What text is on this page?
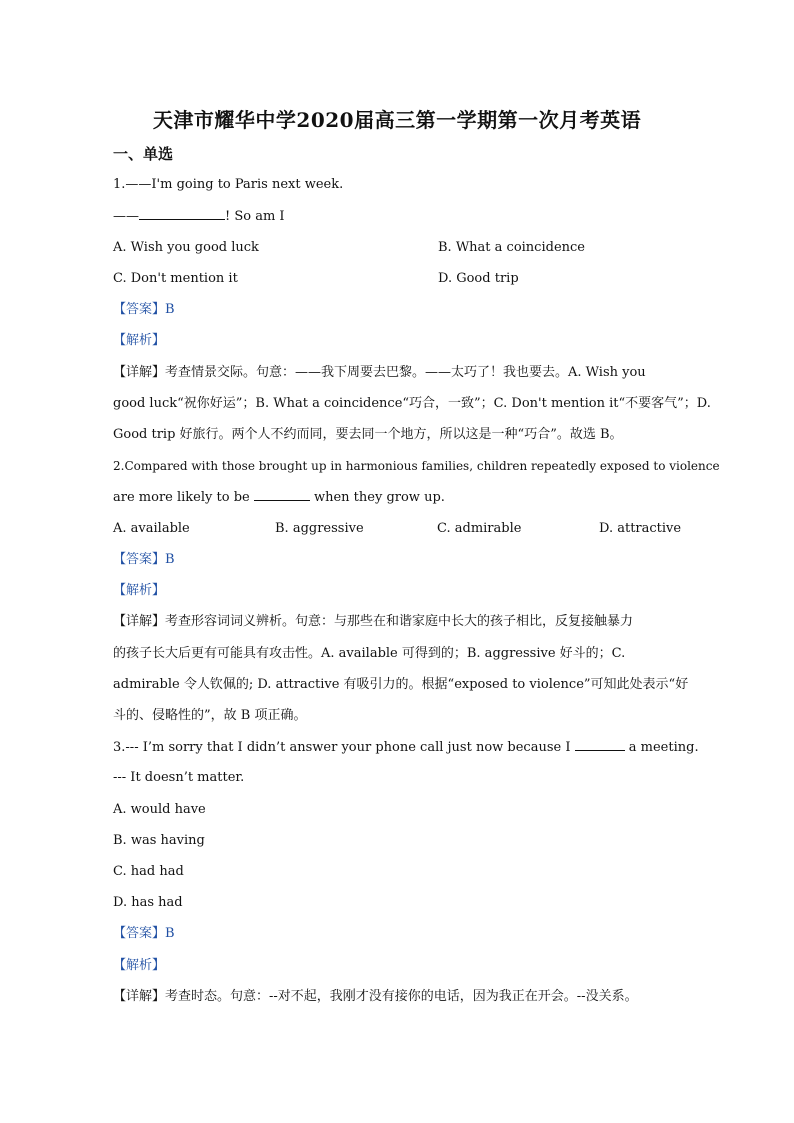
天津市耀华中学2020届高三第一学期第一次月考英语
一、单选
1.——I'm going to Paris next week.
——	! So am I
A. Wish you good luck	B. What a coincidence
C. Don't mention it	D. Good trip
【答案】B
【解析】
【详解】考查情景交际。句意：——我下周要去巴黎。——太巧了！我也要去。A. Wish you
good luck“祝你好运”；B. What a coincidence“巧合，一致”；C. Don't mention it“不要客气”；D.
Good trip 好旅行。两个人不约而同，要去同一个地方，所以这是一种“巧合”。故选 B。
2.Compared with those brought up in harmonious families, children repeatedly exposed to violence
are more likely to be	when they grow up.
A. available	B. aggressive	C. admirable	D. attractive
【答案】B
【解析】
【详解】考查形容词词义辨析。句意：与那些在和谐家庭中长大的孩子相比，反复接触暴力
的孩子长大后更有可能具有攻击性。A. available 可得到的；B. aggressive 好斗的；C.
admirable 令人钦佩的; D. attractive 有吸引力的。根据“exposed to violence”可知此处表示“好
斗的、侵略性的”，故 B 项正确。
3.--- I’m sorry that I didn’t answer your phone call just now because I	a meeting.
--- It doesn’t matter.
A. would have
B. was having
C. had had
D. has had
【答案】B
【解析】
【详解】考查时态。句意：--对不起，我刚才没有接你的电话，因为我正在开会。--没关系。
